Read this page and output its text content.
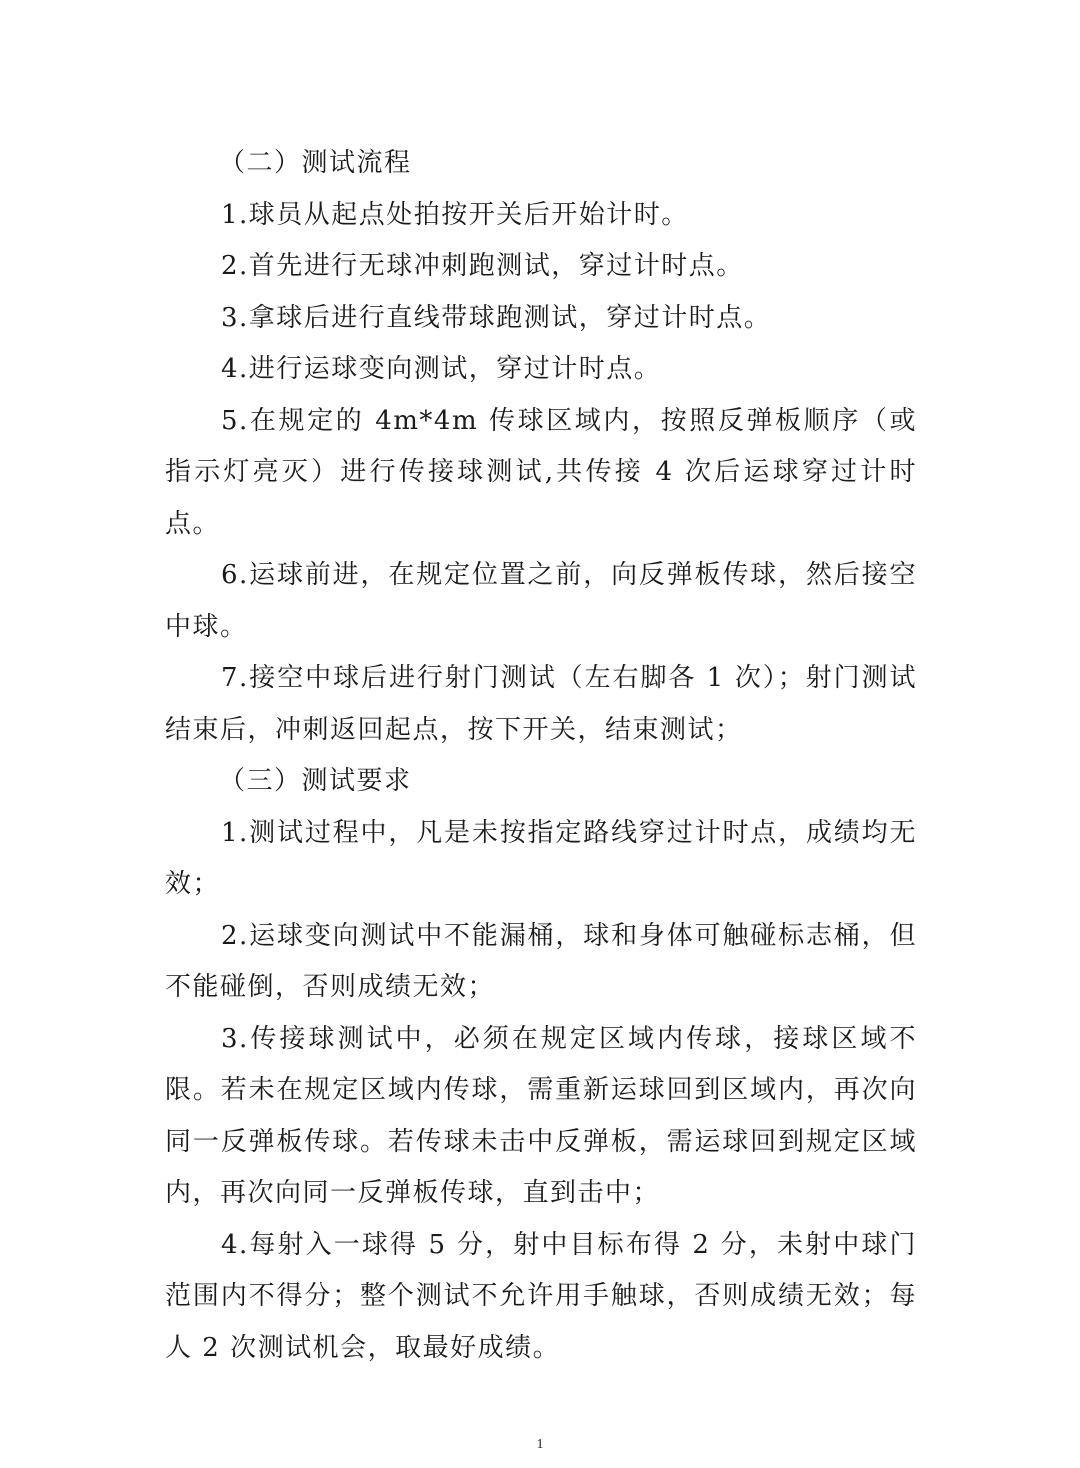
（二）测试流程

1.球员从起点处拍按开关后开始计时。

2.首先进行无球冲刺跑测试，穿过计时点。

3.拿球后进行直线带球跑测试，穿过计时点。

4.进行运球变向测试，穿过计时点。

5.在规定的 4m*4m 传球区域内，按照反弹板顺序（或指示灯亮灭）进行传接球测试,共传接 4 次后运球穿过计时点。

6.运球前进，在规定位置之前，向反弹板传球，然后接空中球。

7.接空中球后进行射门测试（左右脚各 1 次）；射门测试结束后，冲刺返回起点，按下开关，结束测试；

（三）测试要求

1.测试过程中，凡是未按指定路线穿过计时点，成绩均无效；

2.运球变向测试中不能漏桶，球和身体可触碰标志桶，但不能碰倒，否则成绩无效；

3.传接球测试中，必须在规定区域内传球，接球区域不限。若未在规定区域内传球，需重新运球回到区域内，再次向同一反弹板传球。若传球未击中反弹板，需运球回到规定区域内，再次向同一反弹板传球，直到击中；

4.每射入一球得 5 分，射中目标布得 2 分，未射中球门范围内不得分；整个测试不允许用手触球，否则成绩无效；每人 2 次测试机会，取最好成绩。

1
